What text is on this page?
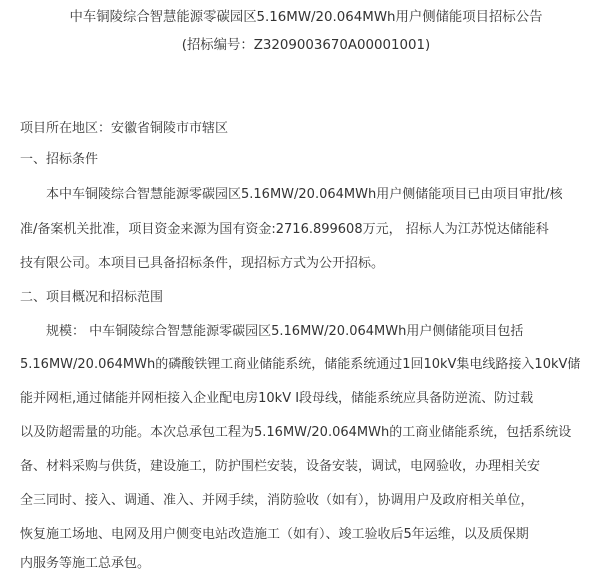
中车铜陵综合智慧能源零碳园区5.16MW/20.064MWh用户侧储能项目招标公告
(招标编号：Z3209003670A00001001)
项目所在地区：安徽省铜陵市市辖区
一、招标条件
本中车铜陵综合智慧能源零碳园区5.16MW/20.064MWh用户侧储能项目已由项目审批/核
准/备案机关批准，项目资金来源为国有资金:2716.899608万元， 招标人为江苏悦达储能科
技有限公司。本项目已具备招标条件，现招标方式为公开招标。
二、项目概况和招标范围
规模： 中车铜陵综合智慧能源零碳园区5.16MW/20.064MWh用户侧储能项目包括
5.16MW/20.064MWh的磷酸铁锂工商业储能系统，储能系统通过1回10kV集电线路接入10kV储
能并网柜,通过储能并网柜接入企业配电房10kV Ⅰ段母线，储能系统应具备防逆流、防过载
以及防超需量的功能。本次总承包工程为5.16MW/20.064MWh的工商业储能系统，包括系统设
备、材料采购与供货，建设施工，防护围栏安装，设备安装，调试，电网验收，办理相关安
全三同时、接入、调通、准入、并网手续，消防验收（如有），协调用户及政府相关单位，
恢复施工场地、电网及用户侧变电站改造施工（如有）、竣工验收后5年运维，以及质保期
内服务等施工总承包。
